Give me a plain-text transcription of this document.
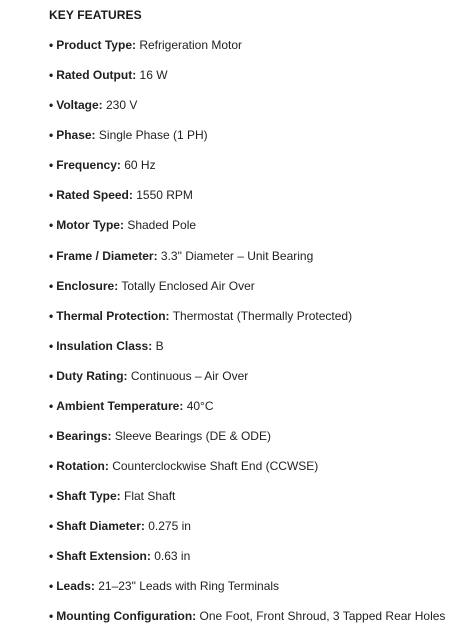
KEY FEATURES
• Product Type: Refrigeration Motor
• Rated Output: 16 W
• Voltage: 230 V
• Phase: Single Phase (1 PH)
• Frequency: 60 Hz
• Rated Speed: 1550 RPM
• Motor Type: Shaded Pole
• Frame / Diameter: 3.3" Diameter – Unit Bearing
• Enclosure: Totally Enclosed Air Over
• Thermal Protection: Thermostat (Thermally Protected)
• Insulation Class: B
• Duty Rating: Continuous – Air Over
• Ambient Temperature: 40°C
• Bearings: Sleeve Bearings (DE & ODE)
• Rotation: Counterclockwise Shaft End (CCWSE)
• Shaft Type: Flat Shaft
• Shaft Diameter: 0.275 in
• Shaft Extension: 0.63 in
• Leads: 21–23" Leads with Ring Terminals
• Mounting Configuration: One Foot, Front Shroud, 3 Tapped Rear Holes
